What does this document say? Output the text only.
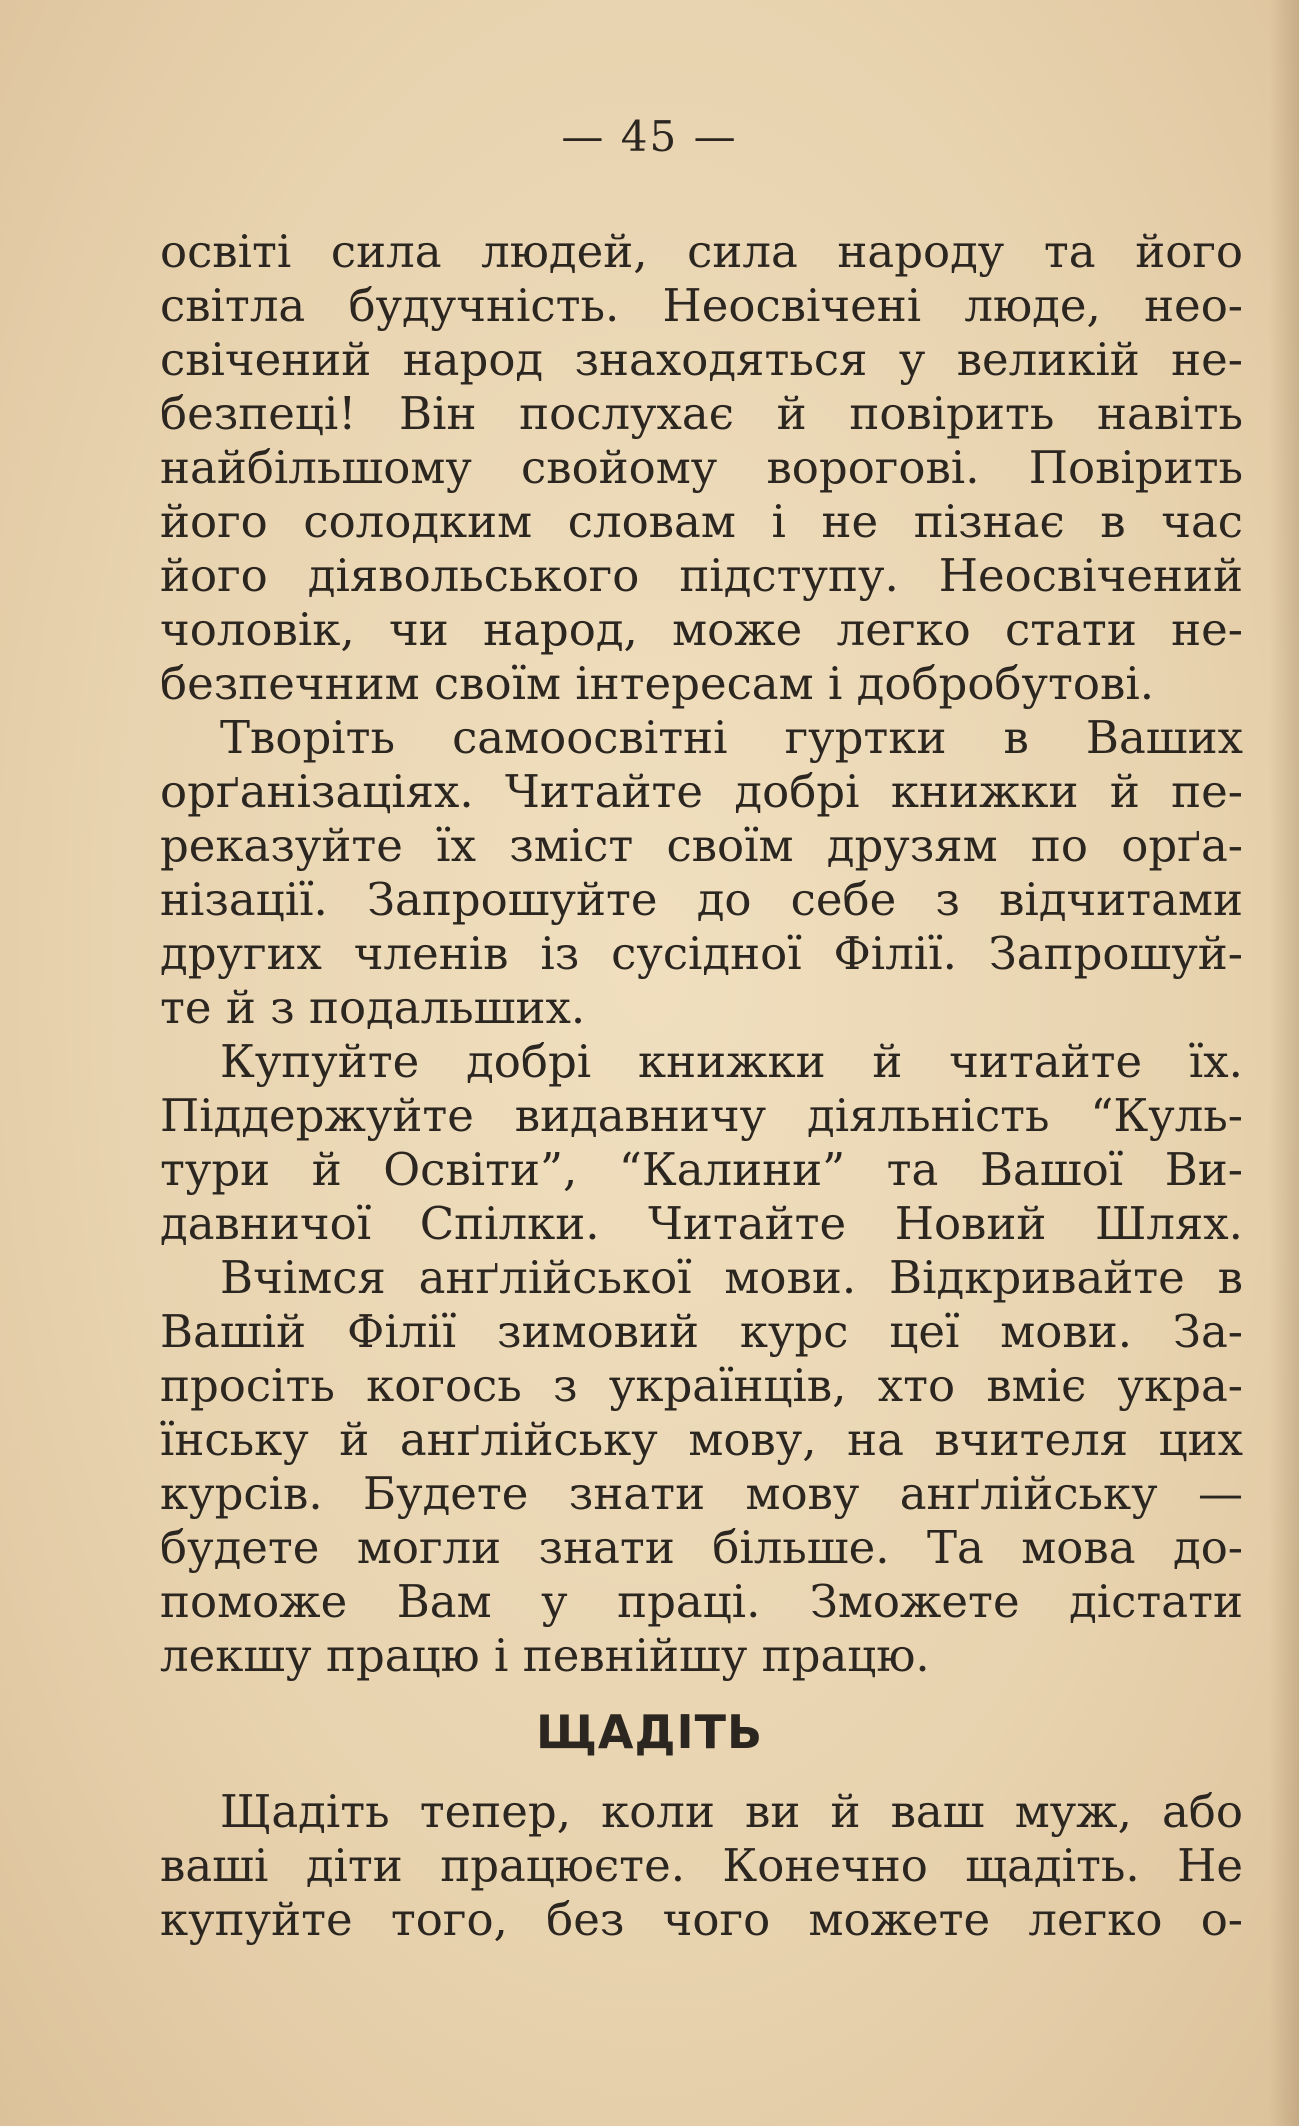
— 45 —
освіті сила людей, сила народу та його
світла будучність. Неосвічені люде, нео-
свічений народ знаходяться у великій не-
безпеці! Він послухає й повірить навіть
найбільшому свойому ворогові. Повірить
його солодким словам і не пізнає в час
його діявольського підступу. Неосвічений
чоловік, чи народ, може легко стати не-
безпечним своїм інтересам і добробутові.
Творіть самоосвітні гуртки в Ваших
орґанізаціях. Читайте добрі книжки й пе-
реказуйте їх зміст своїм друзям по орґа-
нізації. Запрошуйте до себе з відчитами
других членів із сусідної Філії. Запрошуй-
те й з подальших.
Купуйте добрі книжки й читайте їх.
Піддержуйте видавничу діяльність “Куль-
тури й Освіти”, “Калини” та Вашої Ви-
давничої Спілки. Читайте Новий Шлях.
Вчімся анґлійської мови. Відкривайте в
Вашій Філії зимовий курс цеї мови. За-
просіть когось з українців, хто вміє укра-
їнську й анґлійську мову, на вчителя цих
курсів. Будете знати мову анґлійську —
будете могли знати більше. Та мова до-
поможе Вам у праці. Зможете дістати
лекшу працю і певнійшу працю.
ЩАДІТЬ
Щадіть тепер, коли ви й ваш муж, або
ваші діти працюєте. Конечно щадіть. Не
купуйте того, без чого можете легко о-
